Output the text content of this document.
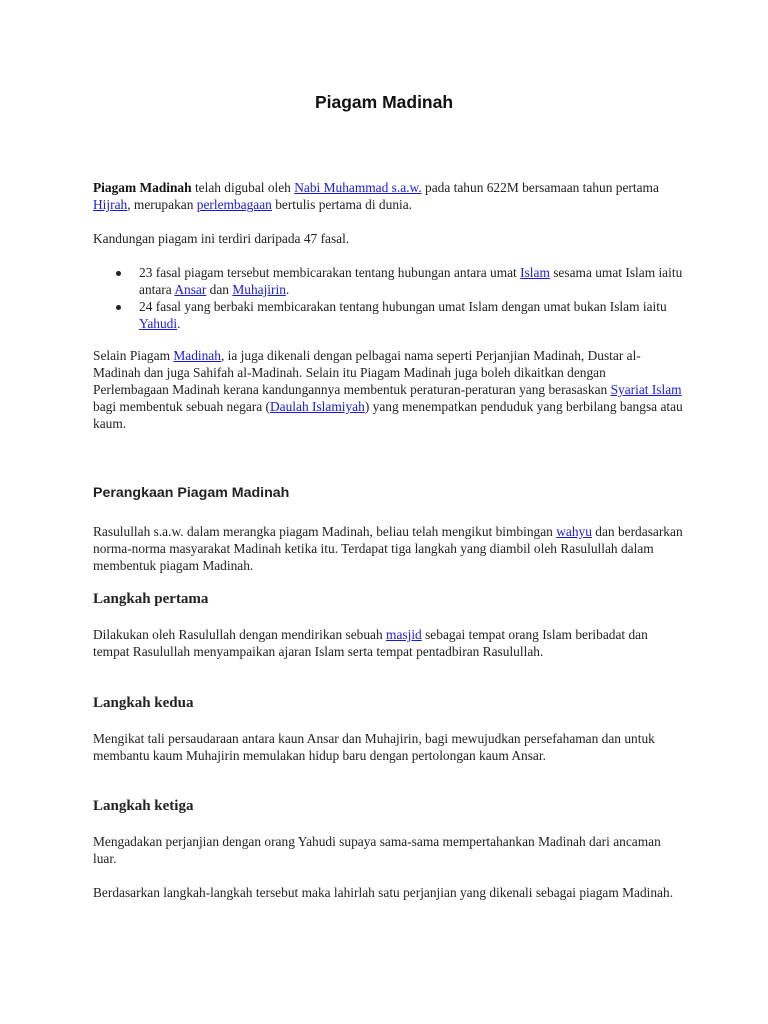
Piagam Madinah

Piagam Madinah telah digubal oleh Nabi Muhammad s.a.w. pada tahun 622M bersamaan tahun pertama Hijrah, merupakan perlembagaan bertulis pertama di dunia.

Kandungan piagam ini terdiri daripada 47 fasal.

23 fasal piagam tersebut membicarakan tentang hubungan antara umat Islam sesama umat Islam iaitu antara Ansar dan Muhajirin.
24 fasal yang berbaki membicarakan tentang hubungan umat Islam dengan umat bukan Islam iaitu Yahudi.

Selain Piagam Madinah, ia juga dikenali dengan pelbagai nama seperti Perjanjian Madinah, Dustar al-Madinah dan juga Sahifah al-Madinah. Selain itu Piagam Madinah juga boleh dikaitkan dengan Perlembagaan Madinah kerana kandungannya membentuk peraturan-peraturan yang berasaskan Syariat Islam bagi membentuk sebuah negara (Daulah Islamiyah) yang menempatkan penduduk yang berbilang bangsa atau kaum.

Perangkaan Piagam Madinah

Rasulullah s.a.w. dalam merangka piagam Madinah, beliau telah mengikut bimbingan wahyu dan berdasarkan norma-norma masyarakat Madinah ketika itu. Terdapat tiga langkah yang diambil oleh Rasulullah dalam membentuk piagam Madinah.

Langkah pertama

Dilakukan oleh Rasulullah dengan mendirikan sebuah masjid sebagai tempat orang Islam beribadat dan tempat Rasulullah menyampaikan ajaran Islam serta tempat pentadbiran Rasulullah.

Langkah kedua

Mengikat tali persaudaraan antara kaun Ansar dan Muhajirin, bagi mewujudkan persefahaman dan untuk membantu kaum Muhajirin memulakan hidup baru dengan pertolongan kaum Ansar.

Langkah ketiga

Mengadakan perjanjian dengan orang Yahudi supaya sama-sama mempertahankan Madinah dari ancaman luar.

Berdasarkan langkah-langkah tersebut maka lahirlah satu perjanjian yang dikenali sebagai piagam Madinah.
